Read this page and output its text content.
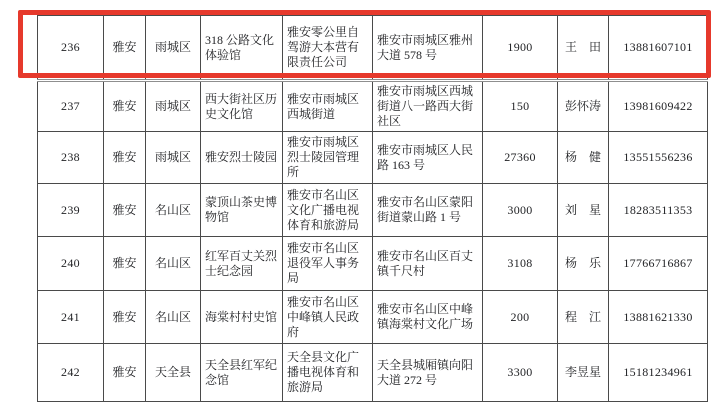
236	雅安	雨城区	318 公路文化体验馆	雅安零公里自驾游大本营有限责任公司	雅安市雨城区雅州大道 578 号	1900	王　田	13881607101
237	雅安	雨城区	西大街社区历史文化馆	雅安市雨城区西城街道	雅安市雨城区西城街道八一路西大街社区	150	彭怀涛	13981609422
238	雅安	雨城区	雅安烈士陵园	雅安市雨城区烈士陵园管理所	雅安市雨城区人民路 163 号	27360	杨　健	13551556236
239	雅安	名山区	蒙顶山茶史博物馆	雅安市名山区文化广播电视体育和旅游局	雅安市名山区蒙阳街道蒙山路 1 号	3000	刘　星	18283511353
240	雅安	名山区	红军百丈关烈士纪念园	雅安市名山区退役军人事务局	雅安市名山区百丈镇千尺村	3108	杨　乐	17766716867
241	雅安	名山区	海棠村村史馆	雅安市名山区中峰镇人民政府	雅安市名山区中峰镇海棠村文化广场	200	程　江	13881621330
242	雅安	天全县	天全县红军纪念馆	天全县文化广播电视体育和旅游局	天全县城厢镇向阳大道 272 号	3300	李昱星	15181234961
